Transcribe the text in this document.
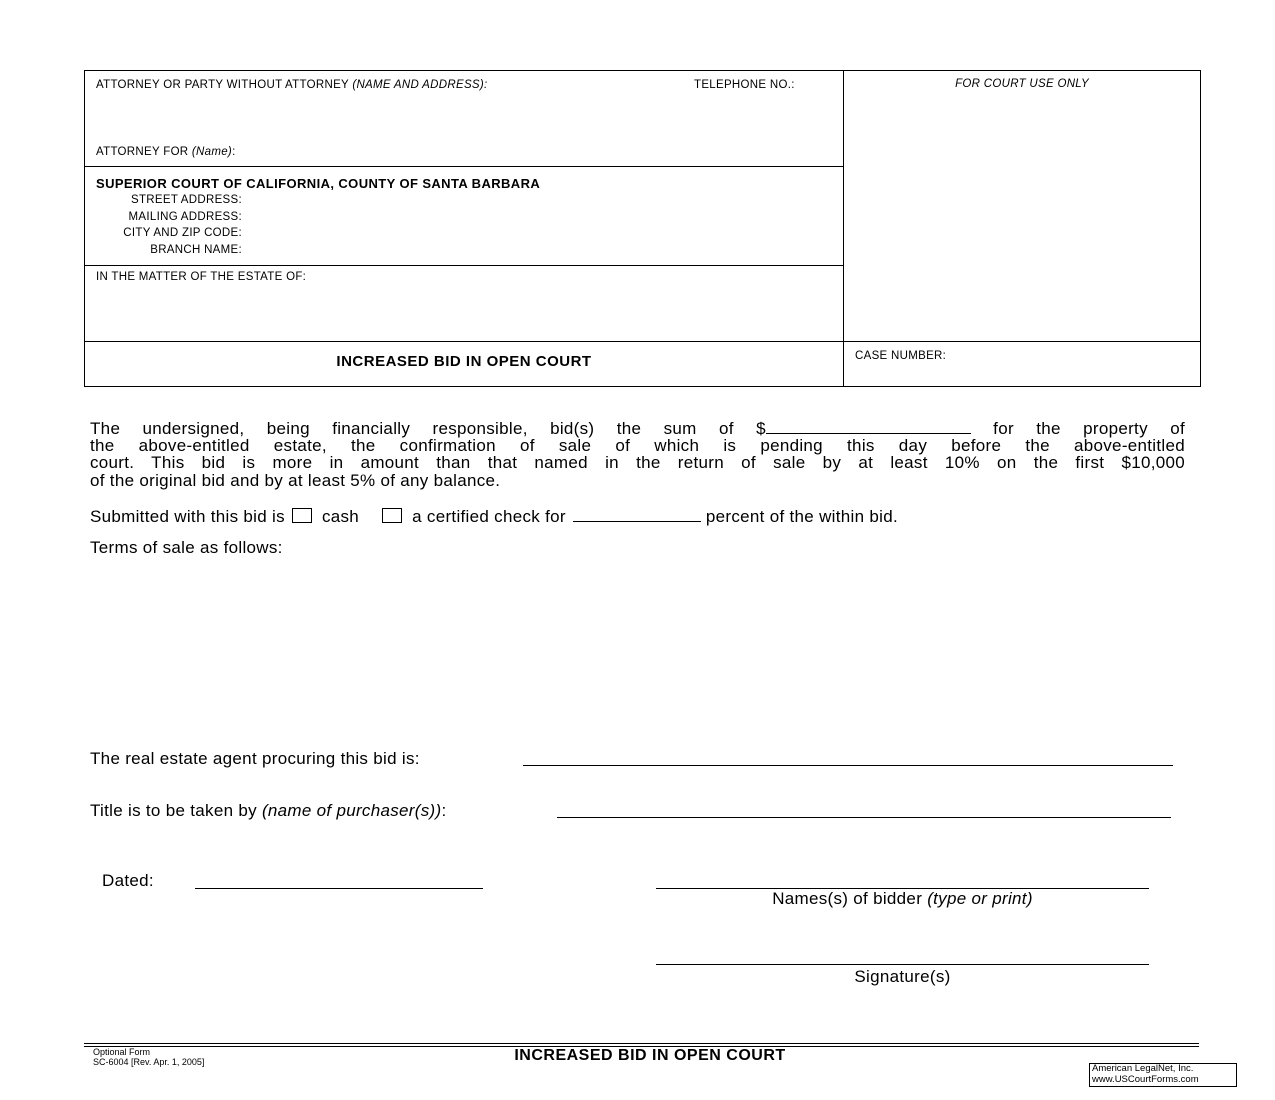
ATTORNEY OR PARTY WITHOUT ATTORNEY (NAME AND ADDRESS):	TELEPHONE NO.:
ATTORNEY FOR (Name):
FOR COURT USE ONLY
SUPERIOR COURT OF CALIFORNIA, COUNTY OF SANTA BARBARA
STREET ADDRESS:
MAILING ADDRESS:
CITY AND ZIP CODE:
BRANCH NAME:
IN THE MATTER OF THE ESTATE OF:
INCREASED BID IN OPEN COURT	CASE NUMBER:
The undersigned, being financially responsible, bid(s) the sum of $	for the property of
the above-entitled estate, the confirmation of sale of which is pending this day before the above-entitled
court. This bid is more in amount than that named in the return of sale by at least 10% on the first $10,000
of the original bid and by at least 5% of any balance.
Submitted with this bid is cash	a certified check for	percent of the within bid.
Terms of sale as follows:
The real estate agent procuring this bid is:
Title is to be taken by (name of purchaser(s)):
Dated:
Names(s) of bidder (type or print)
Signature(s)
Optional Form
SC-6004 [Rev. Apr. 1, 2005]	INCREASED BID IN OPEN COURT
American LegalNet, Inc.
www.USCourtForms.com
